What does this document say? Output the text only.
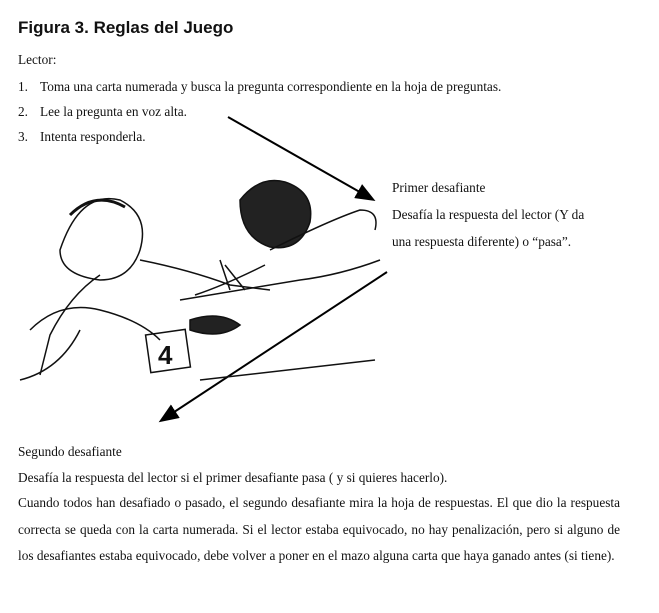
Figura 3. Reglas del Juego
Lector:
1. Toma una carta numerada y busca la pregunta correspondiente en la hoja de preguntas.
2. Lee la pregunta en voz alta.
3. Intenta responderla.
Primer desafiante
Desafía la respuesta del lector (Y da
una respuesta diferente) o “pasa”.
4
Segundo desafiante
Desafía la respuesta del lector si el primer desafiante pasa ( y si quieres hacerlo).
Cuando todos han desafiado o pasado, el segundo desafiante mira la hoja de respuestas. El que dio la respuesta correcta se queda con la carta numerada. Si el lector estaba equivocado, no hay penalización, pero si alguno de los desafiantes estaba equivocado, debe volver a poner en el mazo alguna carta que haya ganado antes (si tiene).
